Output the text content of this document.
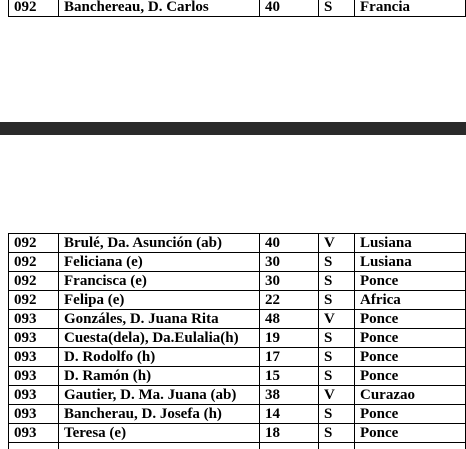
092	Banchereau, D. Carlos	40	S	Francia
092	Brulé, Da. Asunción (ab)	40	V	Lusiana
092	Feliciana (e)	30	S	Lusiana
092	Francisca (e)	30	S	Ponce
092	Felipa (e)	22	S	Africa
093	Gonzáles, D. Juana Rita	48	V	Ponce
093	Cuesta(dela), Da.Eulalia(h)	19	S	Ponce
093	D. Rodolfo (h)	17	S	Ponce
093	D. Ramón (h)	15	S	Ponce
093	Gautier, D. Ma. Juana (ab)	38	V	Curazao
093	Bancherau, D. Josefa (h)	14	S	Ponce
093	Teresa (e)	18	S	Ponce
